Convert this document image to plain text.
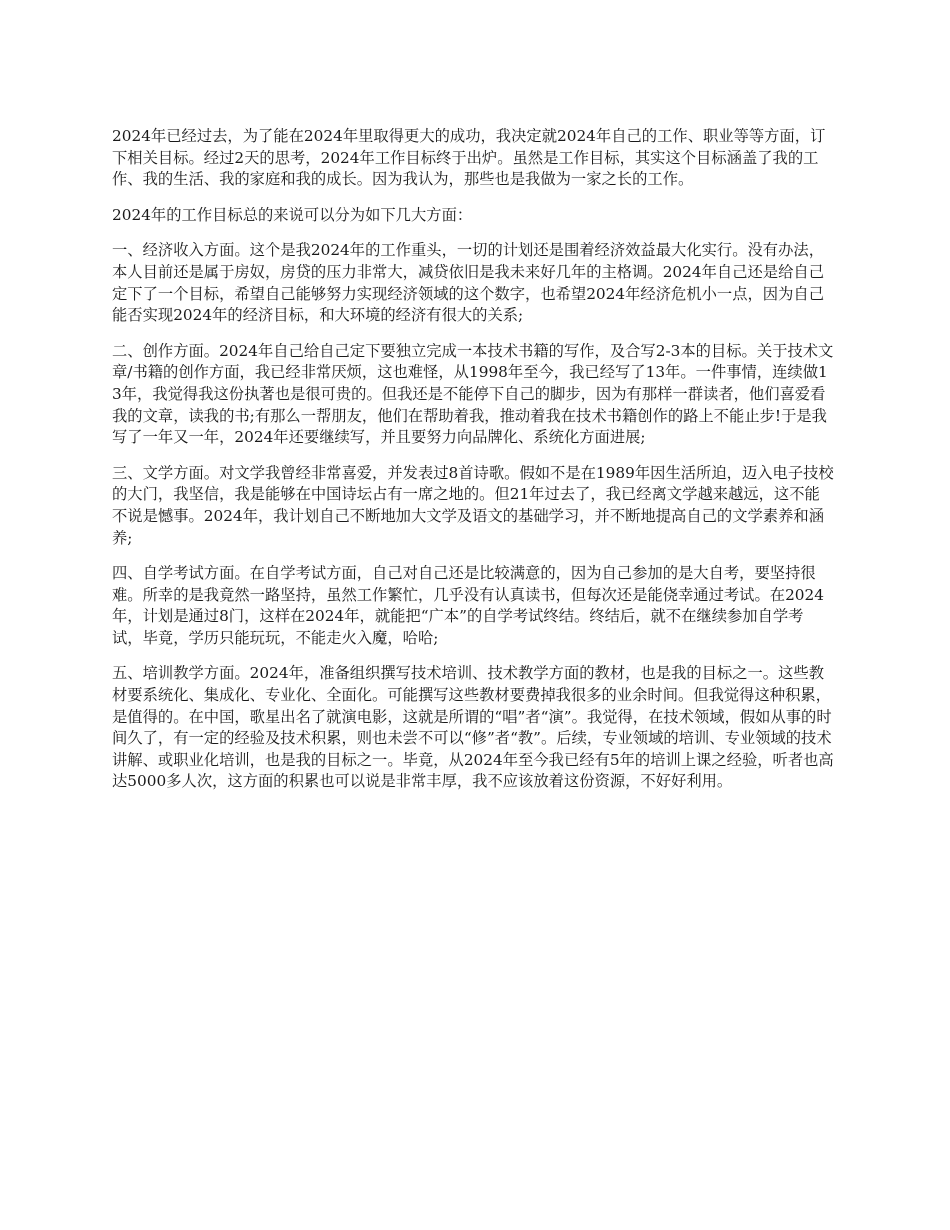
2024年已经过去，为了能在2024年里取得更大的成功，我决定就2024年自己的工作、职业等等方面，订下相关目标。经过2天的思考，2024年工作目标终于出炉。虽然是工作目标，其实这个目标涵盖了我的工作、我的生活、我的家庭和我的成长。因为我认为，那些也是我做为一家之长的工作。

2024年的工作目标总的来说可以分为如下几大方面：

一、经济收入方面。这个是我2024年的工作重头，一切的计划还是围着经济效益最大化实行。没有办法，本人目前还是属于房奴，房贷的压力非常大，减贷依旧是我未来好几年的主格调。2024年自己还是给自己定下了一个目标，希望自己能够努力实现经济领域的这个数字，也希望2024年经济危机小一点，因为自己能否实现2024年的经济目标，和大环境的经济有很大的关系;

二、创作方面。2024年自己给自己定下要独立完成一本技术书籍的写作，及合写2-3本的目标。关于技术文章/书籍的创作方面，我已经非常厌烦，这也难怪，从1998年至今，我已经写了13年。一件事情，连续做13年，我觉得我这份执著也是很可贵的。但我还是不能停下自己的脚步，因为有那样一群读者，他们喜爱看我的文章，读我的书;有那么一帮朋友，他们在帮助着我，推动着我在技术书籍创作的路上不能止步!于是我写了一年又一年，2024年还要继续写，并且要努力向品牌化、系统化方面进展;

三、文学方面。对文学我曾经非常喜爱，并发表过8首诗歌。假如不是在1989年因生活所迫，迈入电子技校的大门，我坚信，我是能够在中国诗坛占有一席之地的。但21年过去了，我已经离文学越来越远，这不能不说是憾事。2024年，我计划自己不断地加大文学及语文的基础学习，并不断地提高自己的文学素养和涵养;

四、自学考试方面。在自学考试方面，自己对自己还是比较满意的，因为自己参加的是大自考，要坚持很难。所幸的是我竟然一路坚持，虽然工作繁忙，几乎没有认真读书，但每次还是能侥幸通过考试。在2024年，计划是通过8门，这样在2024年，就能把“广本”的自学考试终结。终结后，就不在继续参加自学考试，毕竟，学历只能玩玩，不能走火入魔，哈哈;

五、培训教学方面。2024年，准备组织撰写技术培训、技术教学方面的教材，也是我的目标之一。这些教材要系统化、集成化、专业化、全面化。可能撰写这些教材要费掉我很多的业余时间。但我觉得这种积累，是值得的。在中国，歌星出名了就演电影，这就是所谓的“唱”者“演”。我觉得，在技术领域，假如从事的时间久了，有一定的经验及技术积累，则也未尝不可以“修”者“教”。后续，专业领域的培训、专业领域的技术讲解、或职业化培训，也是我的目标之一。毕竟，从2024年至今我已经有5年的培训上课之经验，听者也高达5000多人次，这方面的积累也可以说是非常丰厚，我不应该放着这份资源，不好好利用。
